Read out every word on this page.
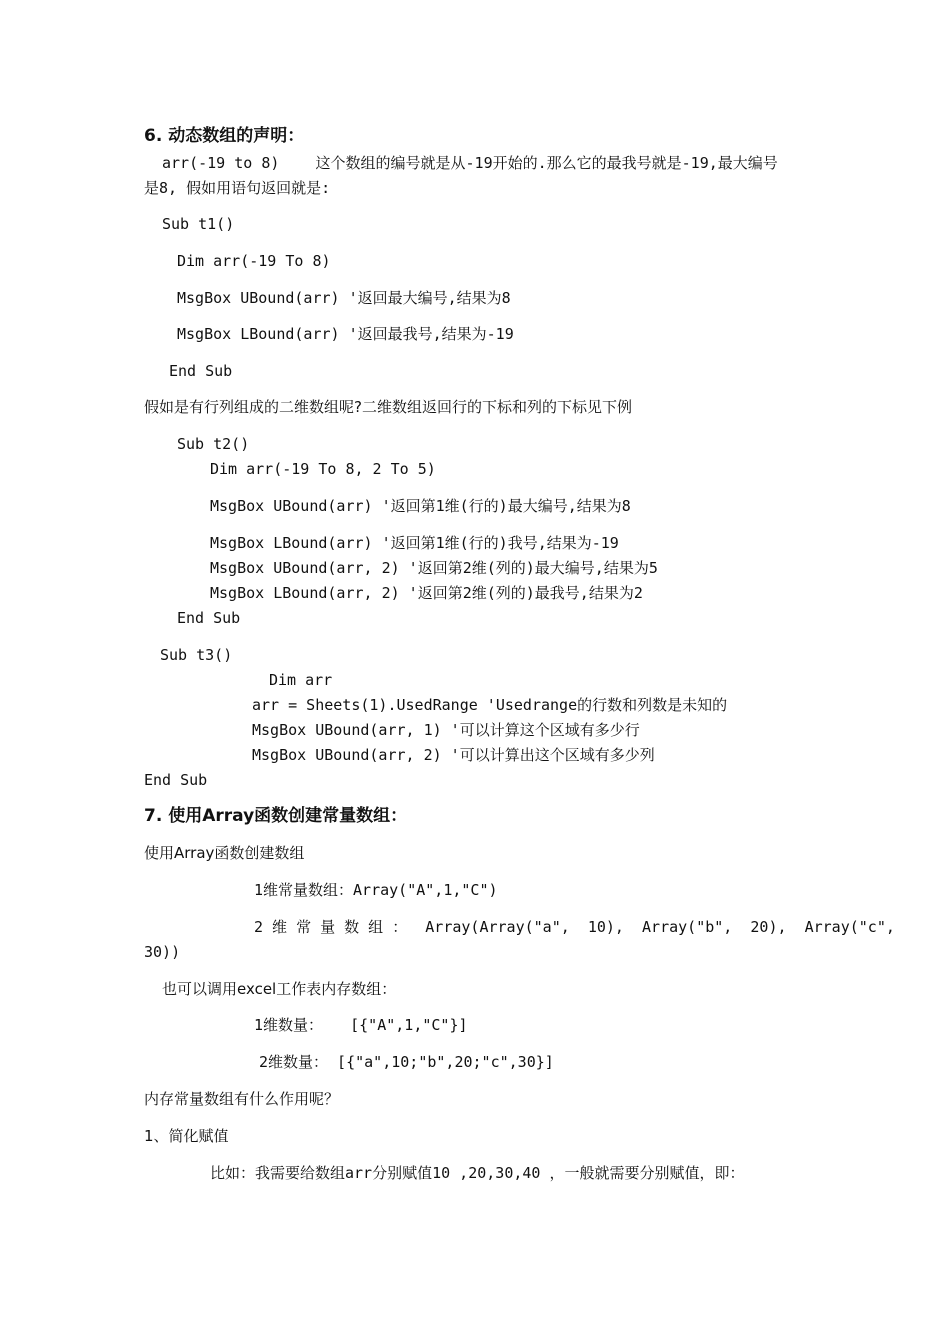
6. 动态数组的声明：
arr(-19 to 8)    这个数组的编号就是从-19开始的.那么它的最我号就是-19,最大编号
是8, 假如用语句返回就是:
Sub t1()
Dim arr(-19 To 8)
MsgBox UBound(arr) '返回最大编号,结果为8
MsgBox LBound(arr) '返回最我号,结果为-19
End Sub
假如是有行列组成的二维数组呢?二维数组返回行的下标和列的下标见下例
Sub t2()
Dim arr(-19 To 8, 2 To 5)
MsgBox UBound(arr) '返回第1维(行的)最大编号,结果为8
MsgBox LBound(arr) '返回第1维(行的)我号,结果为-19
MsgBox UBound(arr, 2) '返回第2维(列的)最大编号,结果为5
MsgBox LBound(arr, 2) '返回第2维(列的)最我号,结果为2
End Sub
Sub t3()
Dim arr
arr = Sheets(1).UsedRange 'Usedrange的行数和列数是未知的
MsgBox UBound(arr, 1) '可以计算这个区域有多少行
MsgBox UBound(arr, 2) '可以计算出这个区域有多少列
End Sub
7. 使用Array函数创建常量数组：
使用Array函数创建数组
1维常量数组：Array("A",1,"C")
2 维 常 量 数 组 ：  Array(Array("a",  10),  Array("b",  20),  Array("c",
30))
也可以调用excel工作表内存数组：
1维数量：   [{"A",1,"C"}]
2维数量： [{"a",10;"b",20;"c",30}]
内存常量数组有什么作用呢？
1、简化赋值
比如：我需要给数组arr分别赋值10 ,20,30,40 ，一般就需要分别赋值，即：
